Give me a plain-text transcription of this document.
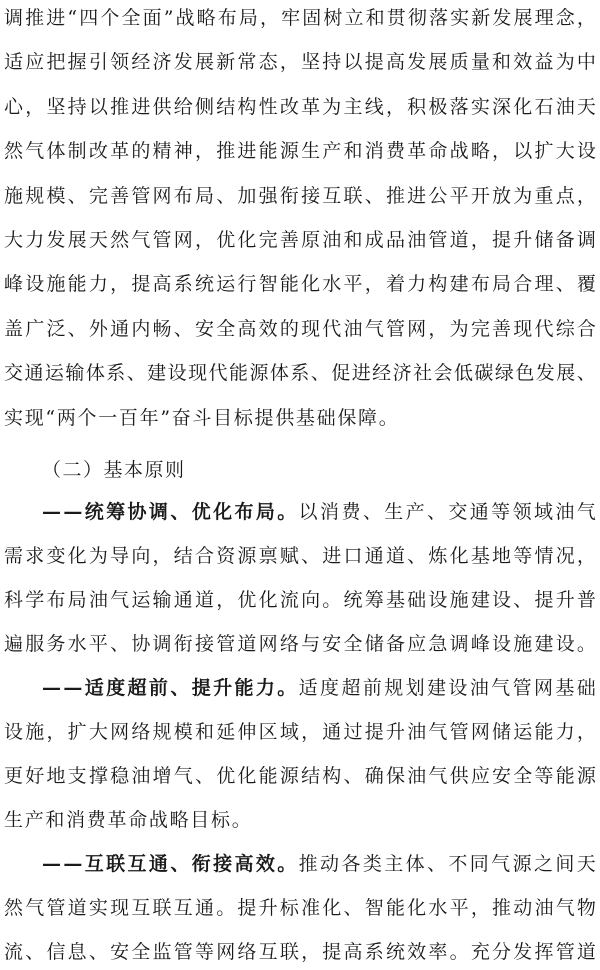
调 推 进 “ 四 个 全 面 ” 战 略 布 局 ， 牢 固 树 立 和 贯 彻 落 实 新 发 展 理 念 ，
适 应 把 握 引 领 经 济 发 展 新 常 态 ， 坚 持 以 提 高 发 展 质 量 和 效 益 为 中
心 ， 坚 持 以 推 进 供 给 侧 结 构 性 改 革 为 主 线 ， 积 极 落 实 深 化 石 油 天
然 气 体 制 改 革 的 精 神 ， 推 进 能 源 生 产 和 消 费 革 命 战 略 ， 以 扩 大 设
施 规 模 、 完 善 管 网 布 局 、 加 强 衔 接 互 联 、 推 进 公 平 开 放 为 重 点 ，
大 力 发 展 天 然 气 管 网 ， 优 化 完 善 原 油 和 成 品 油 管 道 ， 提 升 储 备 调
峰 设 施 能 力 ， 提 高 系 统 运 行 智 能 化 水 平 ， 着 力 构 建 布 局 合 理 、 覆
盖 广 泛 、 外 通 内 畅 、 安 全 高 效 的 现 代 油 气 管 网 ， 为 完 善 现 代 综 合
交 通 运 输 体 系 、 建 设 现 代 能 源 体 系 、 促 进 经 济 社 会 低 碳 绿 色 发 展 、
实现“两个一百年”奋斗目标提供基础保障。
（二）基本原则
— — 统 筹 协 调 、 优 化 布 局 。 以 消 费 、 生 产 、 交 通 等 领 域 油 气
需 求 变 化 为 导 向 ， 结 合 资 源 禀 赋 、 进 口 通 道 、 炼 化 基 地 等 情 况 ，
科 学 布 局 油 气 运 输 通 道 ， 优 化 流 向 。 统 筹 基 础 设 施 建 设 、 提 升 普
遍 服 务 水 平 、 协 调 衔 接 管 道 网 络 与 安 全 储 备 应 急 调 峰 设 施 建 设 。
— — 适 度 超 前 、 提 升 能 力 。 适 度 超 前 规 划 建 设 油 气 管 网 基 础
设 施 ， 扩 大 网 络 规 模 和 延 伸 区 域 ， 通 过 提 升 油 气 管 网 储 运 能 力 ，
更 好 地 支 撑 稳 油 增 气 、 优 化 能 源 结 构 、 确 保 油 气 供 应 安 全 等 能 源
生产和消费革命战略目标。
— — 互 联 互 通 、 衔 接 高 效 。 推 动 各 类 主 体 、 不 同 气 源 之 间 天
然 气 管 道 实 现 互 联 互 通 。 提 升 标 准 化 、 智 能 化 水 平 ， 推 动 油 气 物
流 、 信 息 、 安 全 监 管 等 网 络 互 联 ， 提 高 系 统 效 率 。 充 分 发 挥 管 道
